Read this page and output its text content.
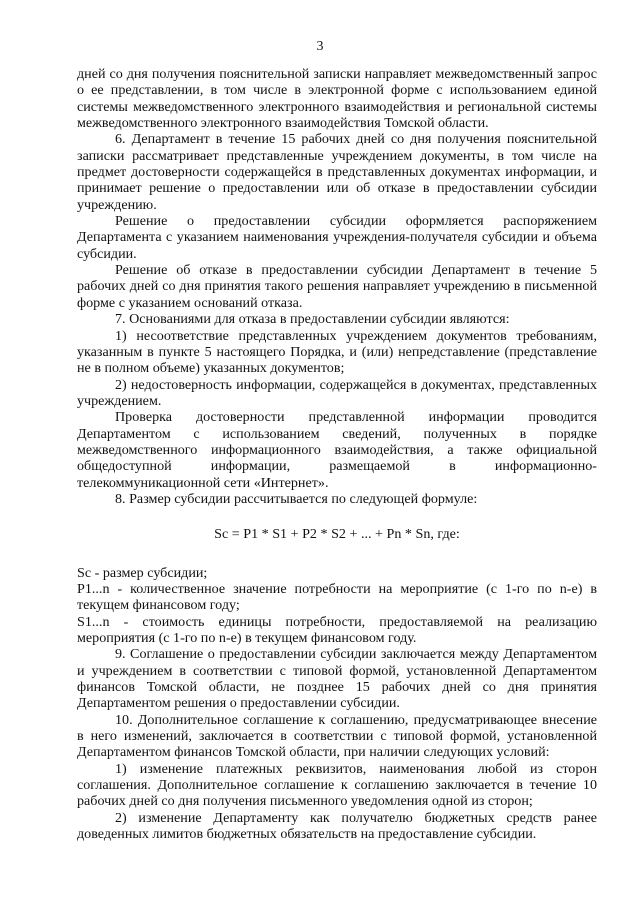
3

дней со дня получения пояснительной записки направляет межведомственный запрос о ее представлении, в том числе в электронной форме с использованием единой системы межведомственного электронного взаимодействия и региональной системы межведомственного электронного взаимодействия Томской области.

6. Департамент в течение 15 рабочих дней со дня получения пояснительной записки рассматривает представленные учреждением документы, в том числе на предмет достоверности содержащейся в представленных документах информации, и принимает решение о предоставлении или об отказе в предоставлении субсидии учреждению.

Решение о предоставлении субсидии оформляется распоряжением Департамента с указанием наименования учреждения-получателя субсидии и объема субсидии.

Решение об отказе в предоставлении субсидии Департамент в течение 5 рабочих дней со дня принятия такого решения направляет учреждению в письменной форме с указанием оснований отказа.

7. Основаниями для отказа в предоставлении субсидии являются:

1) несоответствие представленных учреждением документов требованиям, указанным в пункте 5 настоящего Порядка, и (или) непредставление (представление не в полном объеме) указанных документов;

2) недостоверность информации, содержащейся в документах, представленных учреждением.

Проверка достоверности представленной информации проводится Департаментом с использованием сведений, полученных в порядке межведомственного информационного взаимодействия, а также официальной общедоступной информации, размещаемой в информационно-телекоммуникационной сети «Интернет».

8. Размер субсидии рассчитывается по следующей формуле:

Sc = P1 * S1 + P2 * S2 + ... + Pn * Sn, где:

Sc - размер субсидии;

P1...n - количественное значение потребности на мероприятие (с 1-го по n-е) в текущем финансовом году;

S1...n - стоимость единицы потребности, предоставляемой на реализацию мероприятия (с 1-го по n-е) в текущем финансовом году.

9. Соглашение о предоставлении субсидии заключается между Департаментом и учреждением в соответствии с типовой формой, установленной Департаментом финансов Томской области, не позднее 15 рабочих дней со дня принятия Департаментом решения о предоставлении субсидии.

10. Дополнительное соглашение к соглашению, предусматривающее внесение в него изменений, заключается в соответствии с типовой формой, установленной Департаментом финансов Томской области, при наличии следующих условий:

1) изменение платежных реквизитов, наименования любой из сторон соглашения. Дополнительное соглашение к соглашению заключается в течение 10 рабочих дней со дня получения письменного уведомления одной из сторон;

2) изменение Департаменту как получателю бюджетных средств ранее доведенных лимитов бюджетных обязательств на предоставление субсидии.
